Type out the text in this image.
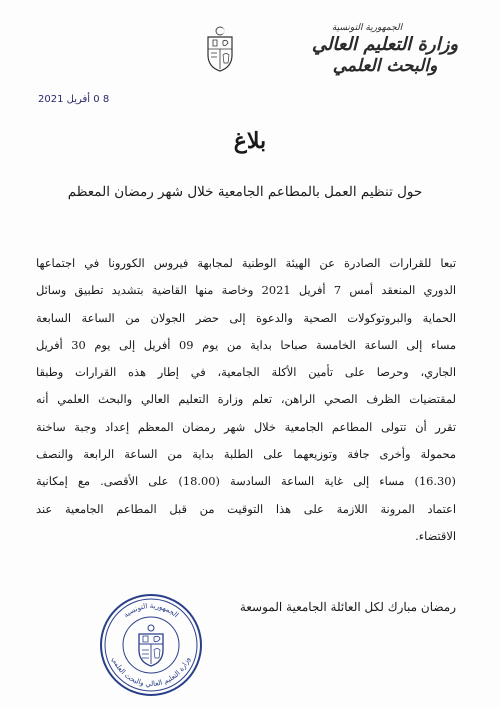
الجمهورية التونسية
وزارة التعليم العالي
والبحث العلمي
8 0 أفريل 2021
بلاغ
حول تنظيم العمل بالمطاعم الجامعية خلال شهر رمضان المعظم

تبعا للقرارات الصادرة عن الهيئة الوطنية لمجابهة فيروس الكورونا في اجتماعها

الدوري المنعقد أمس 7 أفريل 2021 وخاصة منها القاضية بتشديد تطبيق وسائل

الحماية والبروتوكولات الصحية والدعوة إلى حضر الجولان من الساعة السابعة

مساء إلى الساعة الخامسة صباحا بداية من يوم 09 أفريل إلى يوم 30 أفريل

الجاري، وحرصا على تأمين الأكلة الجامعية، في إطار هذه القرارات وطبقا

لمقتضيات الظرف الصحي الراهن، تعلم وزارة التعليم العالي والبحث العلمي أنه

تقرر أن تتولى المطاعم الجامعية خلال شهر رمضان المعظم إعداد وجبة ساخنة

محمولة وأخرى جافة وتوزيعهما على الطلبة بداية من الساعة الرابعة والنصف

(16.30) مساء إلى غاية الساعة السادسة (18.00) على الأقصى. مع إمكانية

اعتماد المرونة اللازمة على هذا التوقيت من قبل المطاعم الجامعية عند

الاقتضاء.

رمضان مبارك لكل العائلة الجامعية الموسعة
الجمهورية التونسية
وزارة التعليم العالي والبحث العلمي
